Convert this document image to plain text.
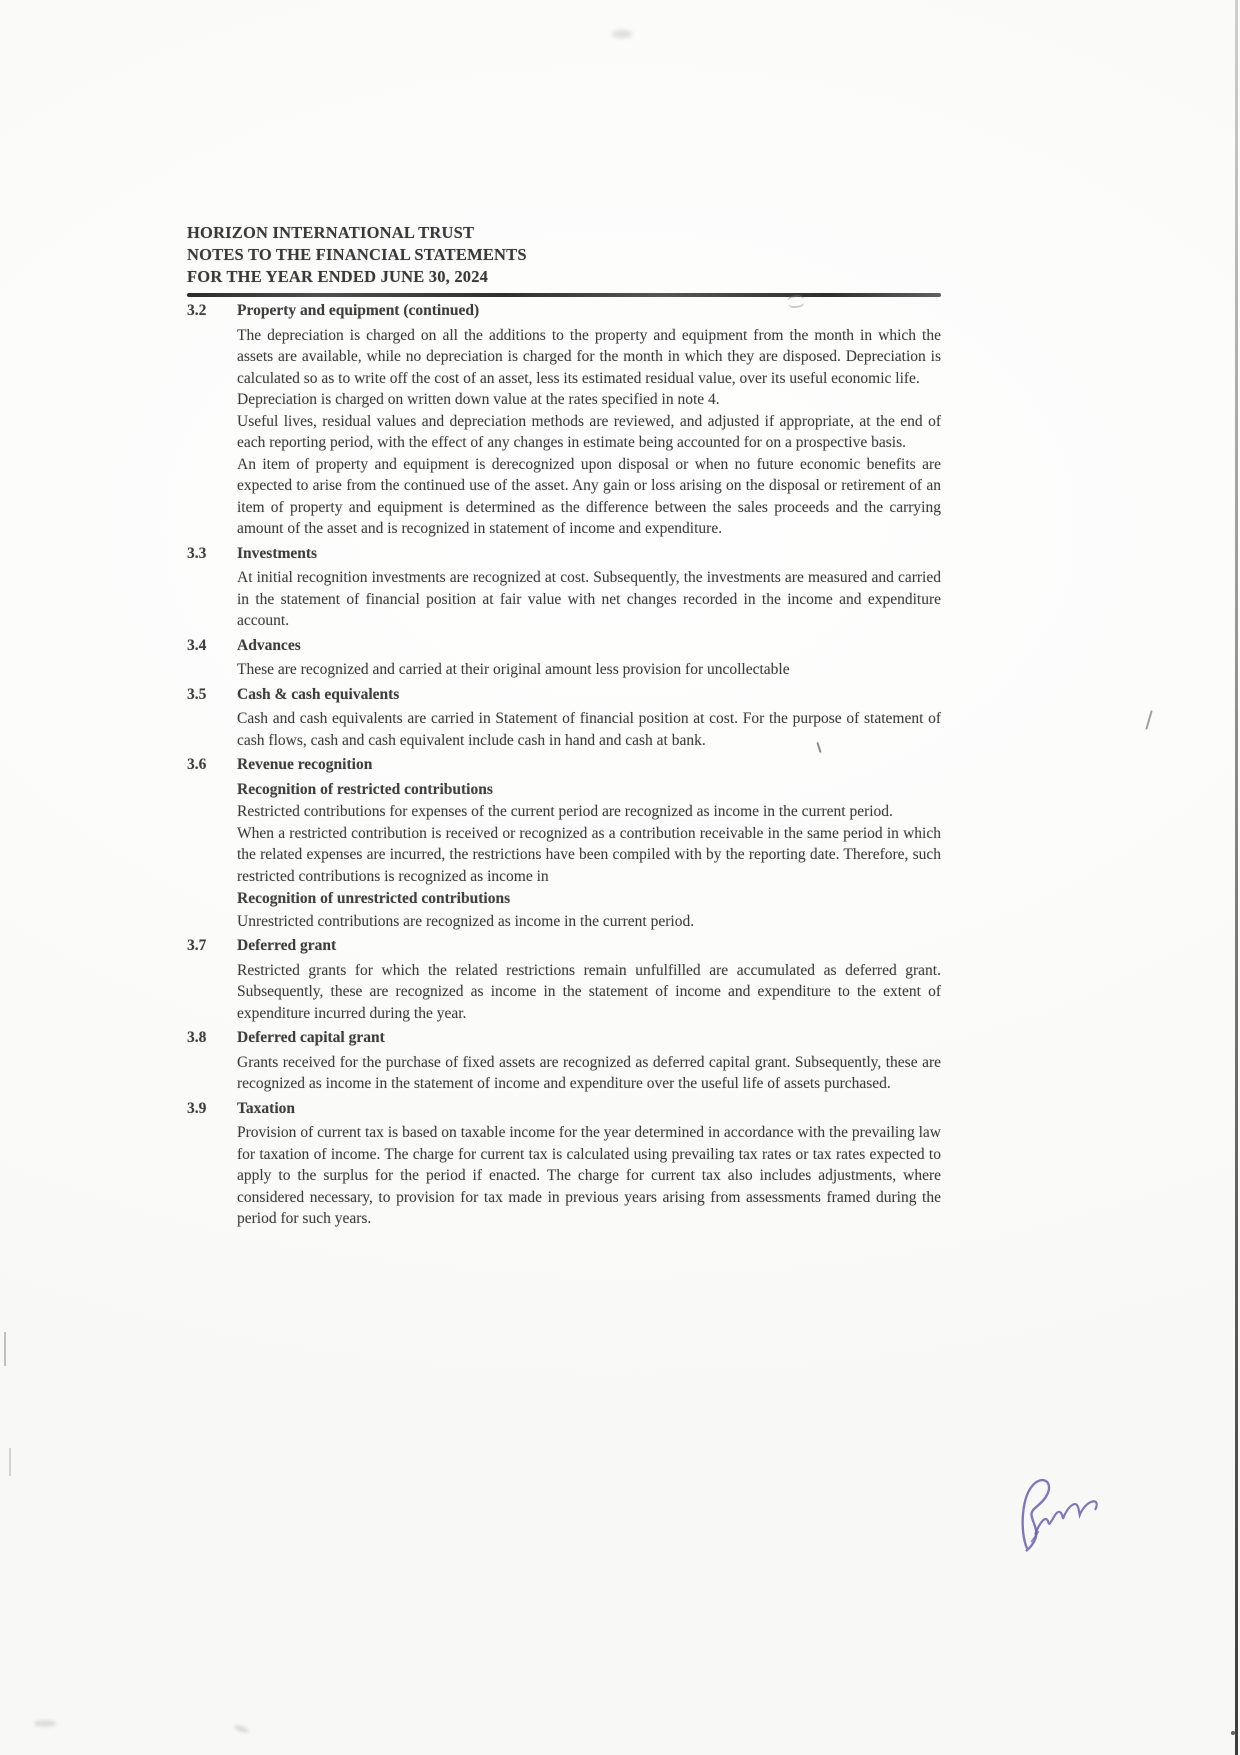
HORIZON INTERNATIONAL TRUST
NOTES TO THE FINANCIAL STATEMENTS
FOR THE YEAR ENDED JUNE 30, 2024
3.2	Property and equipment (continued)

The depreciation is charged on all the additions to the property and equipment from the month in which the assets are available, while no depreciation is charged for the month in which they are disposed. Depreciation is calculated so as to write off the cost of an asset, less its estimated residual value, over its useful economic life.

Depreciation is charged on written down value at the rates specified in note 4.

Useful lives, residual values and depreciation methods are reviewed, and adjusted if appropriate, at the end of each reporting period, with the effect of any changes in estimate being accounted for on a prospective basis.

An item of property and equipment is derecognized upon disposal or when no future economic benefits are expected to arise from the continued use of the asset. Any gain or loss arising on the disposal or retirement of an item of property and equipment is determined as the difference between the sales proceeds and the carrying amount of the asset and is recognized in statement of income and expenditure.

3.3	Investments

At initial recognition investments are recognized at cost. Subsequently, the investments are measured and carried in the statement of financial position at fair value with net changes recorded in the income and expenditure account.

3.4	Advances

These are recognized and carried at their original amount less provision for uncollectable

3.5	Cash & cash equivalents

Cash and cash equivalents are carried in Statement of financial position at cost. For the purpose of statement of cash flows, cash and cash equivalent include cash in hand and cash at bank.

3.6	Revenue recognition
Recognition of restricted contributions

Restricted contributions for expenses of the current period are recognized as income in the current period.

When a restricted contribution is received or recognized as a contribution receivable in the same period in which the related expenses are incurred, the restrictions have been compiled with by the reporting date. Therefore, such restricted contributions is recognized as income in

Recognition of unrestricted contributions

Unrestricted contributions are recognized as income in the current period.

3.7	Deferred grant

Restricted grants for which the related restrictions remain unfulfilled are accumulated as deferred grant. Subsequently, these are recognized as income in the statement of income and expenditure to the extent of expenditure incurred during the year.

3.8	Deferred capital grant

Grants received for the purchase of fixed assets are recognized as deferred capital grant. Subsequently, these are recognized as income in the statement of income and expenditure over the useful life of assets purchased.

3.9	Taxation

Provision of current tax is based on taxable income for the year determined in accordance with the prevailing law for taxation of income. The charge for current tax is calculated using prevailing tax rates or tax rates expected to apply to the surplus for the period if enacted. The charge for current tax also includes adjustments, where considered necessary, to provision for tax made in previous years arising from assessments framed during the period for such years.
